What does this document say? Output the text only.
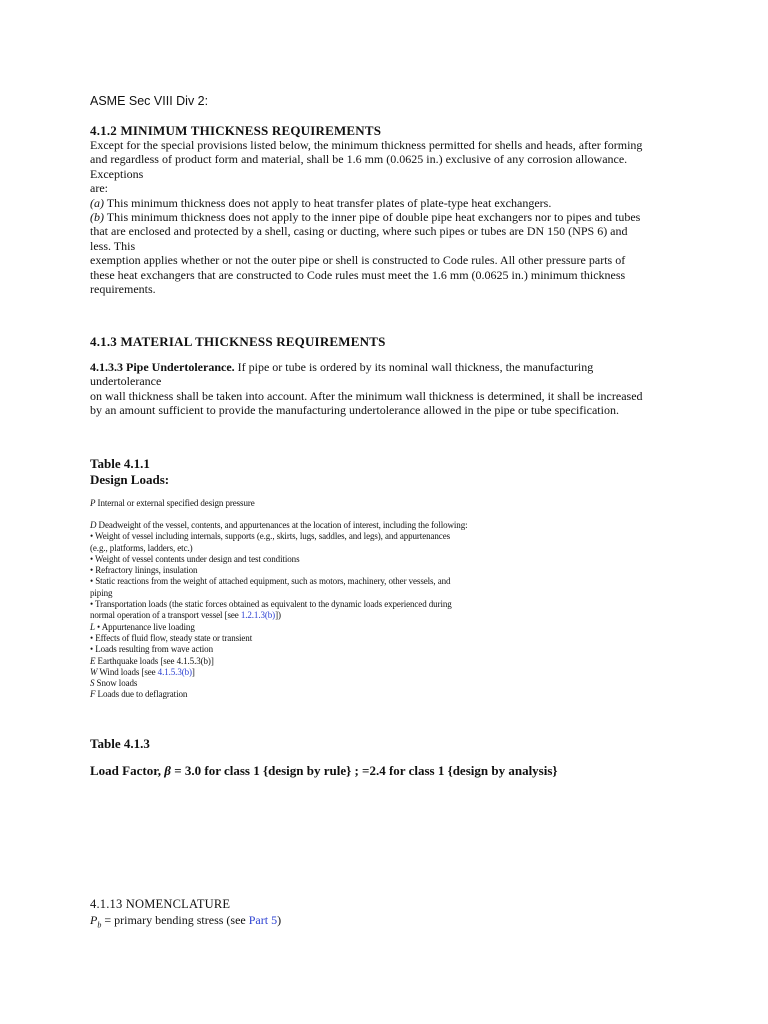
ASME Sec VIII Div 2:
4.1.2 MINIMUM THICKNESS REQUIREMENTS
Except for the special provisions listed below, the minimum thickness permitted for shells and heads, after forming
and regardless of product form and material, shall be 1.6 mm (0.0625 in.) exclusive of any corrosion allowance.
Exceptions
are:
(a) This minimum thickness does not apply to heat transfer plates of plate-type heat exchangers.
(b) This minimum thickness does not apply to the inner pipe of double pipe heat exchangers nor to pipes and tubes
that are enclosed and protected by a shell, casing or ducting, where such pipes or tubes are DN 150 (NPS 6) and
less. This
exemption applies whether or not the outer pipe or shell is constructed to Code rules. All other pressure parts of
these heat exchangers that are constructed to Code rules must meet the 1.6 mm (0.0625 in.) minimum thickness
requirements.
4.1.3 MATERIAL THICKNESS REQUIREMENTS
4.1.3.3 Pipe Undertolerance. If pipe or tube is ordered by its nominal wall thickness, the manufacturing
undertolerance
on wall thickness shall be taken into account. After the minimum wall thickness is determined, it shall be increased
by an amount sufficient to provide the manufacturing undertolerance allowed in the pipe or tube specification.
Table 4.1.1
Design Loads:
P Internal or external specified design pressure
D Deadweight of the vessel, contents, and appurtenances at the location of interest, including the following:
• Weight of vessel including internals, supports (e.g., skirts, lugs, saddles, and legs), and appurtenances
(e.g., platforms, ladders, etc.)
• Weight of vessel contents under design and test conditions
• Refractory linings, insulation
• Static reactions from the weight of attached equipment, such as motors, machinery, other vessels, and
piping
• Transportation loads (the static forces obtained as equivalent to the dynamic loads experienced during
normal operation of a transport vessel [see 1.2.1.3(b)])
L • Appurtenance live loading
• Effects of fluid flow, steady state or transient
• Loads resulting from wave action
E Earthquake loads [see 4.1.5.3(b)]
W Wind loads [see 4.1.5.3(b)]
S Snow loads
F Loads due to deflagration
Table 4.1.3
Load Factor, β = 3.0 for class 1 {design by rule} ; =2.4 for class 1 {design by analysis}
4.1.13 NOMENCLATURE
$P_b$ = primary bending stress (see Part 5)
